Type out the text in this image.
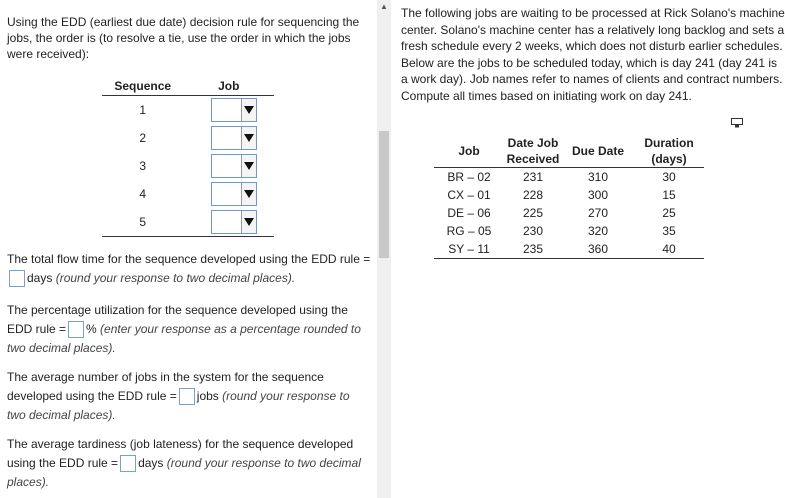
Using the EDD (earliest due date) decision rule for sequencing the jobs, the order is (to resolve a tie, use the order in which the jobs were received):

Sequence	Job
1	

2	

3	

4	

5	

The total flow time for the sequence developed using the EDD rule =days (round your response to two decimal places).

The percentage utilization for the sequence developed using the EDD rule = % (enter your response as a percentage rounded to two decimal places).

The average number of jobs in the system for the sequence developed using the EDD rule = jobs (round your response to two decimal places).

The average tardiness (job lateness) for the sequence developed using the EDD rule = days (round your response to two decimal places).

▲ The following jobs are waiting to be processed at Rick Solano's machine center. Solano's machine center has a relatively long backlog and sets a fresh schedule every 2 weeks, which does not disturb earlier schedules. Below are the jobs to be scheduled today, which is day 241 (day 241 is a work day). Job names refer to names of clients and contract numbers. Compute all times based on initiating work on day 241.

Job	Date Job Received	Due Date	Duration (days)
BR – 02	231	310	30
CX – 01	228	300	15
DE – 06	225	270	25
RG – 05	230	320	35
SY – 11	235	360	40
